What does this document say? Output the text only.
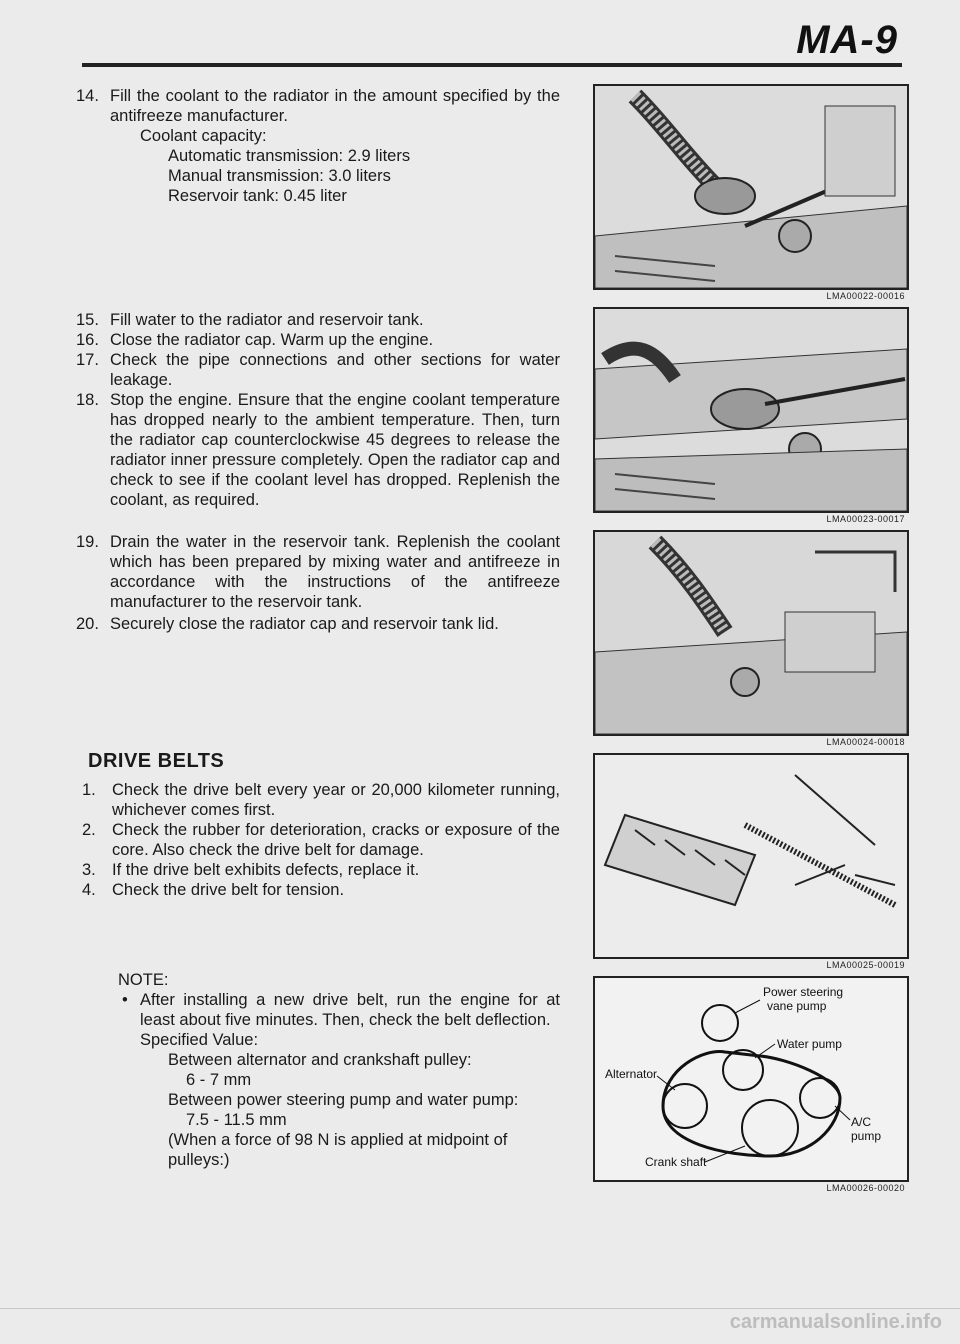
MA-9
14. Fill the coolant to the radiator in the amount specified by the antifreeze manufacturer.
Coolant capacity:
Automatic transmission: 2.9 liters
Manual transmission: 3.0 liters
Reservoir tank: 0.45 liter
15. Fill water to the radiator and reservoir tank.
16. Close the radiator cap. Warm up the engine.
17. Check the pipe connections and other sections for water leakage.
18. Stop the engine. Ensure that the engine coolant temperature has dropped nearly to the ambient temperature. Then, turn the radiator cap counterclockwise 45 degrees to release the radiator inner pressure completely. Open the radiator cap and check to see if the coolant level has dropped. Replenish the coolant, as required.
19. Drain the water in the reservoir tank. Replenish the coolant which has been prepared by mixing water and antifreeze in accordance with the instructions of the antifreeze manufacturer to the reservoir tank.
20. Securely close the radiator cap and reservoir tank lid.
DRIVE BELTS
1. Check the drive belt every year or 20,000 kilometer running, whichever comes first.
2. Check the rubber for deterioration, cracks or exposure of the core. Also check the drive belt for damage.
3. If the drive belt exhibits defects, replace it.
4. Check the drive belt for tension.
NOTE:
• After installing a new drive belt, run the engine for at least about five minutes. Then, check the belt deflection.
Specified Value:
Between alternator and crankshaft pulley:
6 - 7 mm
Between power steering pump and water pump:
7.5 - 11.5 mm
(When a force of 98 N is applied at midpoint of pulleys:)
LMA00022-00016
LMA00023-00017
LMA00024-00018
LMA00025-00019
Power steering
vane pump
Water pump
Alternator
A/C
pump
Crank shaft
LMA00026-00020
carmanualsonline.info
